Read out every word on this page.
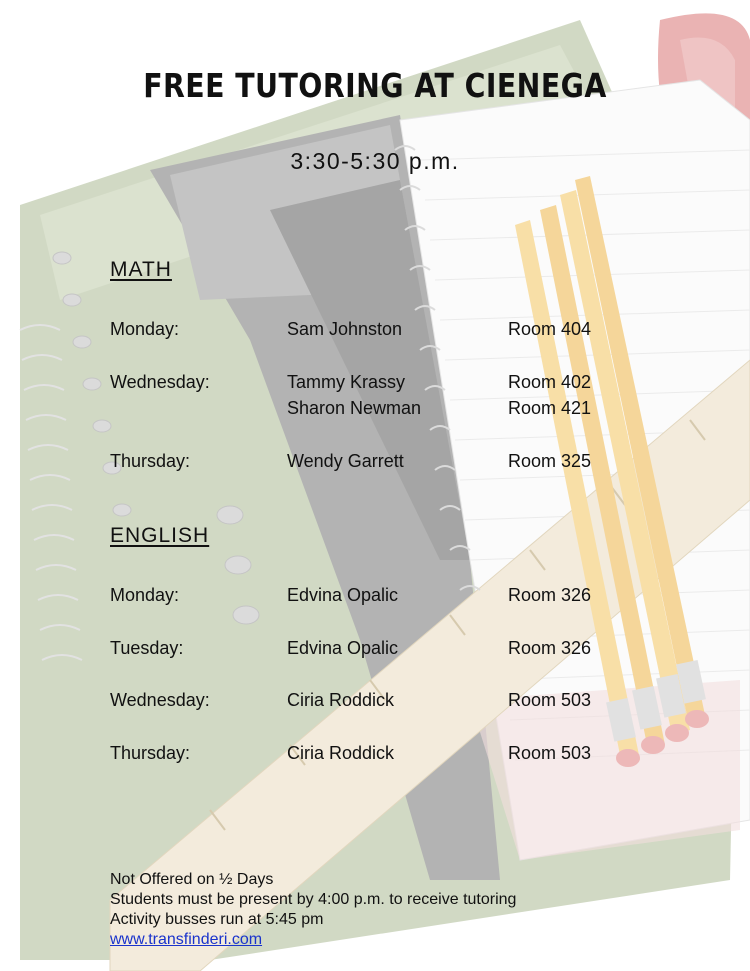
FREE TUTORING AT CIENEGA
3:30-5:30 p.m.
MATH
Monday:	Sam Johnston	Room 404
Wednesday:	Tammy Krassy	Room 402
Sharon Newman	Room 421
Thursday:	Wendy Garrett	Room 325
ENGLISH
Monday:	Edvina Opalic	Room 326
Tuesday:	Edvina Opalic	Room 326
Wednesday:	Ciria Roddick	Room 503
Thursday:	Ciria Roddick	Room 503
Not Offered on ½ Days
Students must be present by 4:00 p.m. to receive tutoring
Activity busses run at 5:45 pm
www.transfinderi.com
